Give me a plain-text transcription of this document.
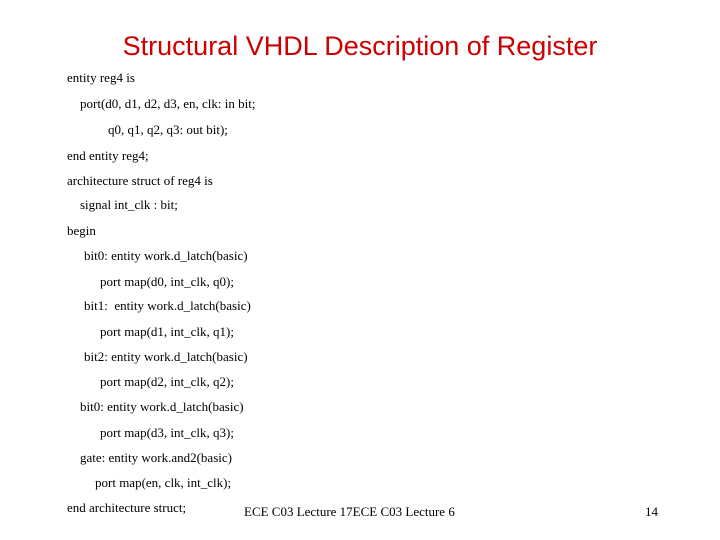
Structural VHDL Description of Register
entity reg4 is
port(d0, d1, d2, d3, en, clk: in bit;
q0, q1, q2, q3: out bit);
end entity reg4;
architecture struct of reg4 is
signal int_clk : bit;
begin
bit0: entity work.d_latch(basic)
port map(d0, int_clk, q0);
bit1:  entity work.d_latch(basic)
port map(d1, int_clk, q1);
bit2: entity work.d_latch(basic)
port map(d2, int_clk, q2);
bit0: entity work.d_latch(basic)
port map(d3, int_clk, q3);
gate: entity work.and2(basic)
port map(en, clk, int_clk);
end architecture struct;	ECE C03 Lecture 17ECE C03 Lecture 6	14
